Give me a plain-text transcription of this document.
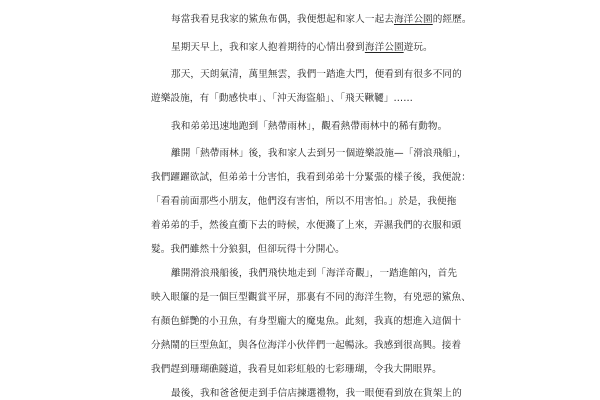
每當我看見我家的鯊魚布偶，我便想起和家人一起去海洋公園的經歷。

星期天早上，我和家人抱着期待的心情出發到海洋公園遊玩。

那天，天朗氣清，萬里無雲，我們一踏進大門，便看到有很多不同的
遊樂設施，有「動感快車」、「沖天海盜船」、「飛天鞦韆」……

我和弟弟迅速地跑到「熱帶雨林」，觀看熱帶雨林中的稀有動物。

離開「熱帶雨林」後，我和家人去到另一個遊樂設施—「滑浪飛船」，
我們躍躍欲試，但弟弟十分害怕，我看到弟弟十分緊張的樣子後，我便說：
「看看前面那些小朋友，他們沒有害怕，所以不用害怕。」於是，我便拖
着弟弟的手，然後直衝下去的時候，水便濺了上來，弄濕我們的衣服和頭
髮。我們雖然十分狼狽，但卻玩得十分開心。

離開滑浪飛船後，我們飛快地走到「海洋奇觀」，一踏進館內，首先
映入眼簾的是一個巨型觀賞平屏，那裏有不同的海洋生物，有兇惡的鯊魚、
有顏色鮮艷的小丑魚，有身型龐大的魔鬼魚。此刻，我真的想進入這個十
分熱鬧的巨型魚缸，與各位海洋小伙伴們一起暢泳。我感到很高興。接着
我們趕到珊瑚礁隧道，我看見如彩虹般的七彩珊瑚，令我大開眼界。

最後，我和爸爸便走到手信店揀選禮物，我一眼便看到放在貨架上的
